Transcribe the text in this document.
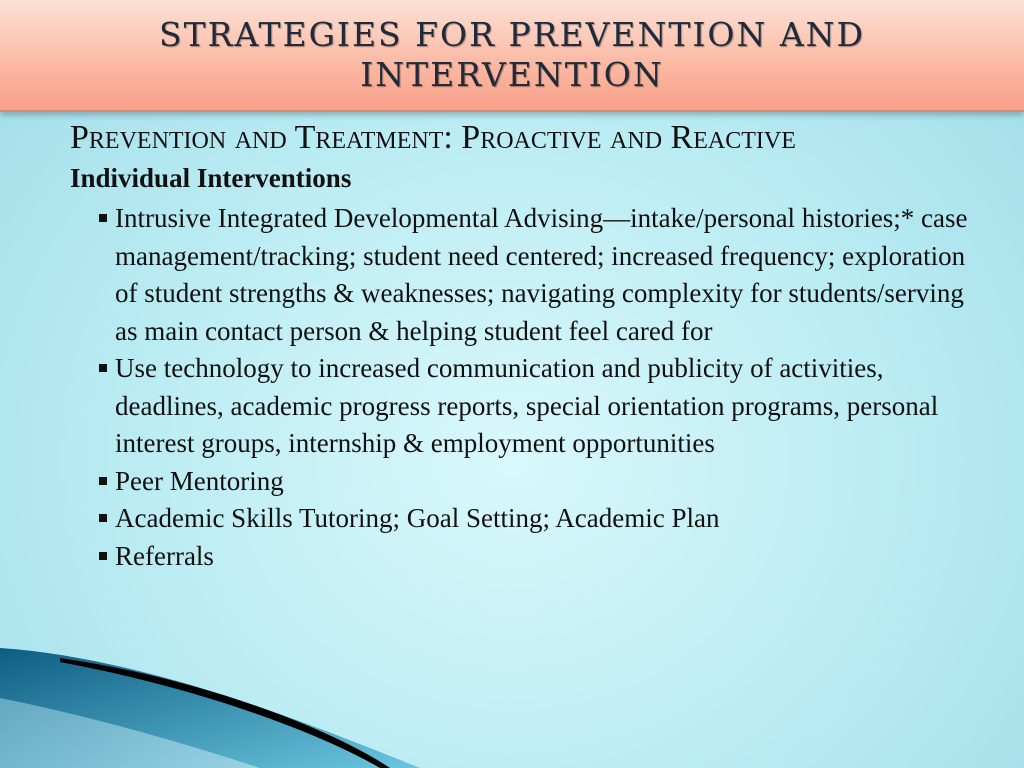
STRATEGIES FOR PREVENTION AND INTERVENTION
Prevention and Treatment: Proactive and Reactive
Individual Interventions
Intrusive Integrated Developmental Advising—intake/personal histories;* case management/tracking; student need centered; increased frequency; exploration of student strengths & weaknesses; navigating complexity for students/serving as main contact person & helping student feel cared for
Use technology to increased communication and publicity of activities, deadlines, academic progress reports, special orientation programs, personal interest groups, internship & employment opportunities
Peer Mentoring
Academic Skills Tutoring; Goal Setting; Academic Plan
Referrals
